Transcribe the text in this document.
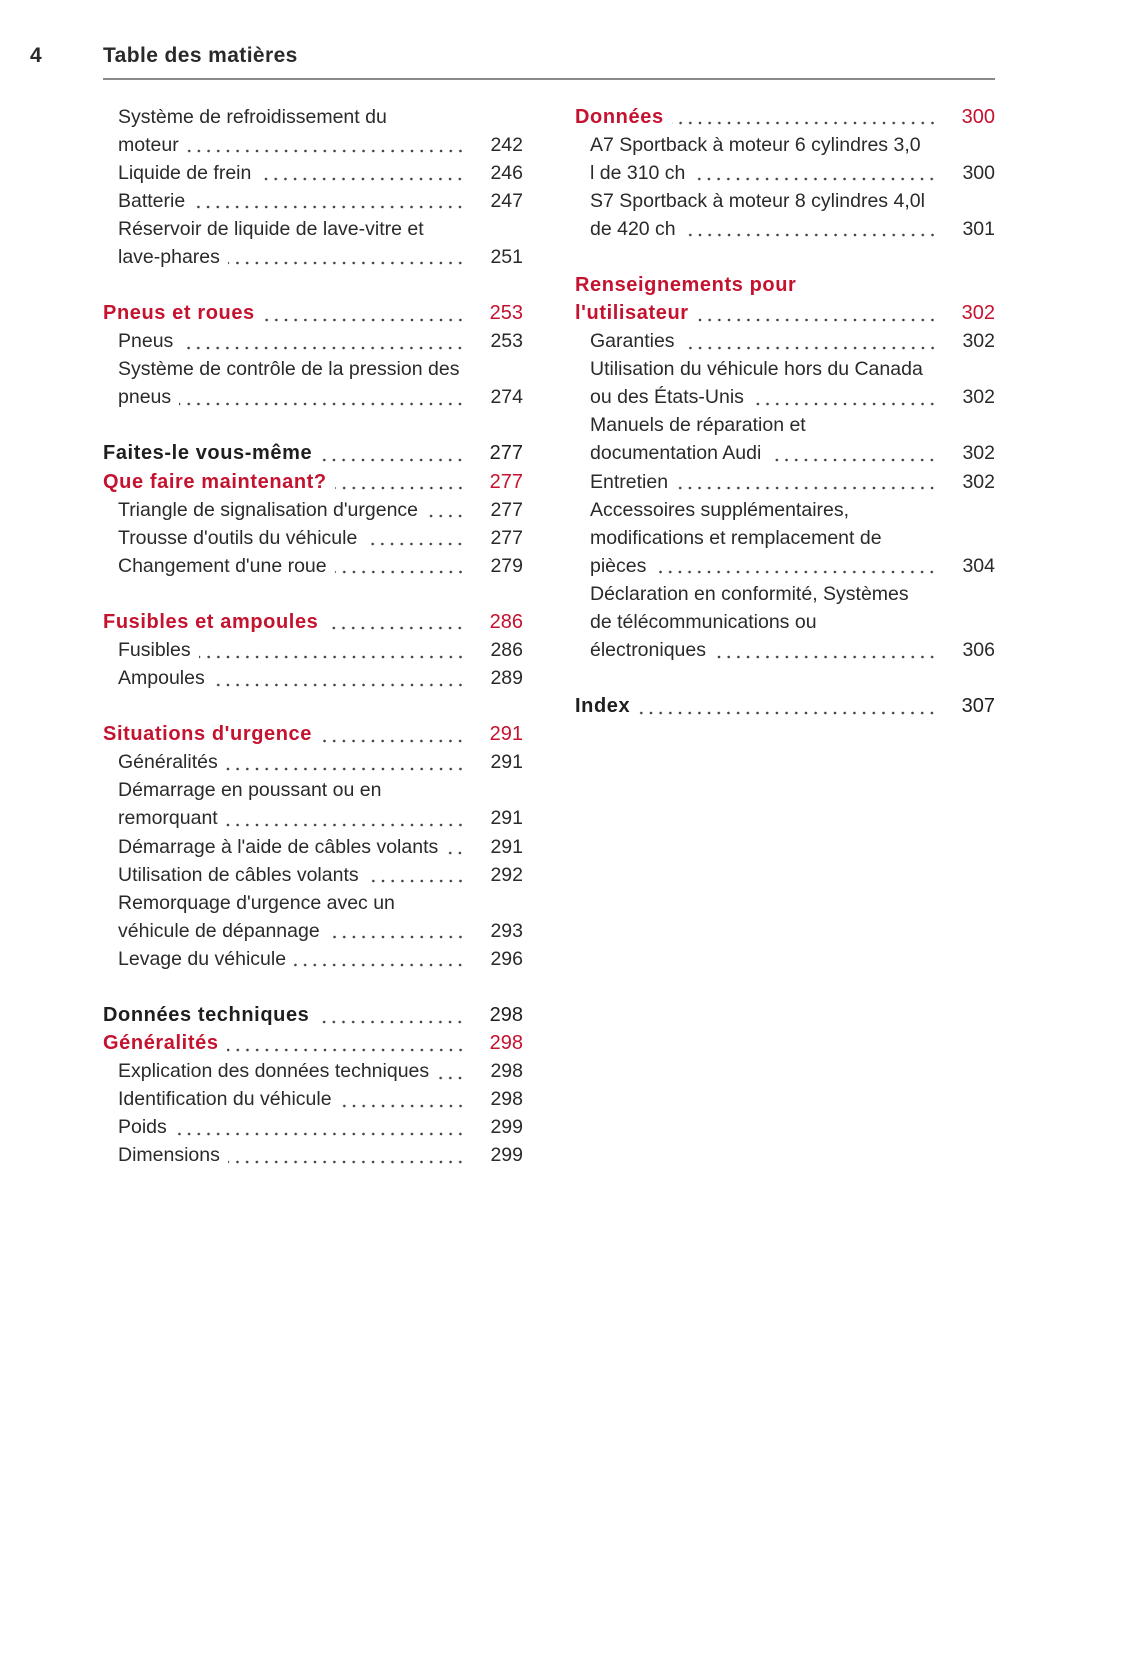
4	Table des matières
Système de refroidissement du
moteur	242
Liquide de frein	246
Batterie	247
Réservoir de liquide de lave-vitre et
lave-phares	251
Pneus et roues	253
Pneus	253
Système de contrôle de la pression des
pneus	274
Faites-le vous-même	277
Que faire maintenant?	277
Triangle de signalisation d'urgence	277
Trousse d'outils du véhicule	277
Changement d'une roue	279
Fusibles et ampoules	286
Fusibles	286
Ampoules	289
Situations d'urgence	291
Généralités	291
Démarrage en poussant ou en
remorquant	291
Démarrage à l'aide de câbles volants	291
Utilisation de câbles volants	292
Remorquage d'urgence avec un
véhicule de dépannage	293
Levage du véhicule	296
Données techniques	298
Généralités	298
Explication des données techniques	298
Identification du véhicule	298
Poids	299
Dimensions	299
Données	300
A7 Sportback à moteur 6 cylindres 3,0
l de 310 ch	300
S7 Sportback à moteur 8 cylindres 4,0l
de 420 ch	301
Renseignements pour
l'utilisateur	302
Garanties	302
Utilisation du véhicule hors du Canada
ou des États-Unis	302
Manuels de réparation et
documentation Audi	302
Entretien	302
Accessoires supplémentaires,
modifications et remplacement de
pièces	304
Déclaration en conformité, Systèmes
de télécommunications ou
électroniques	306
Index	307
